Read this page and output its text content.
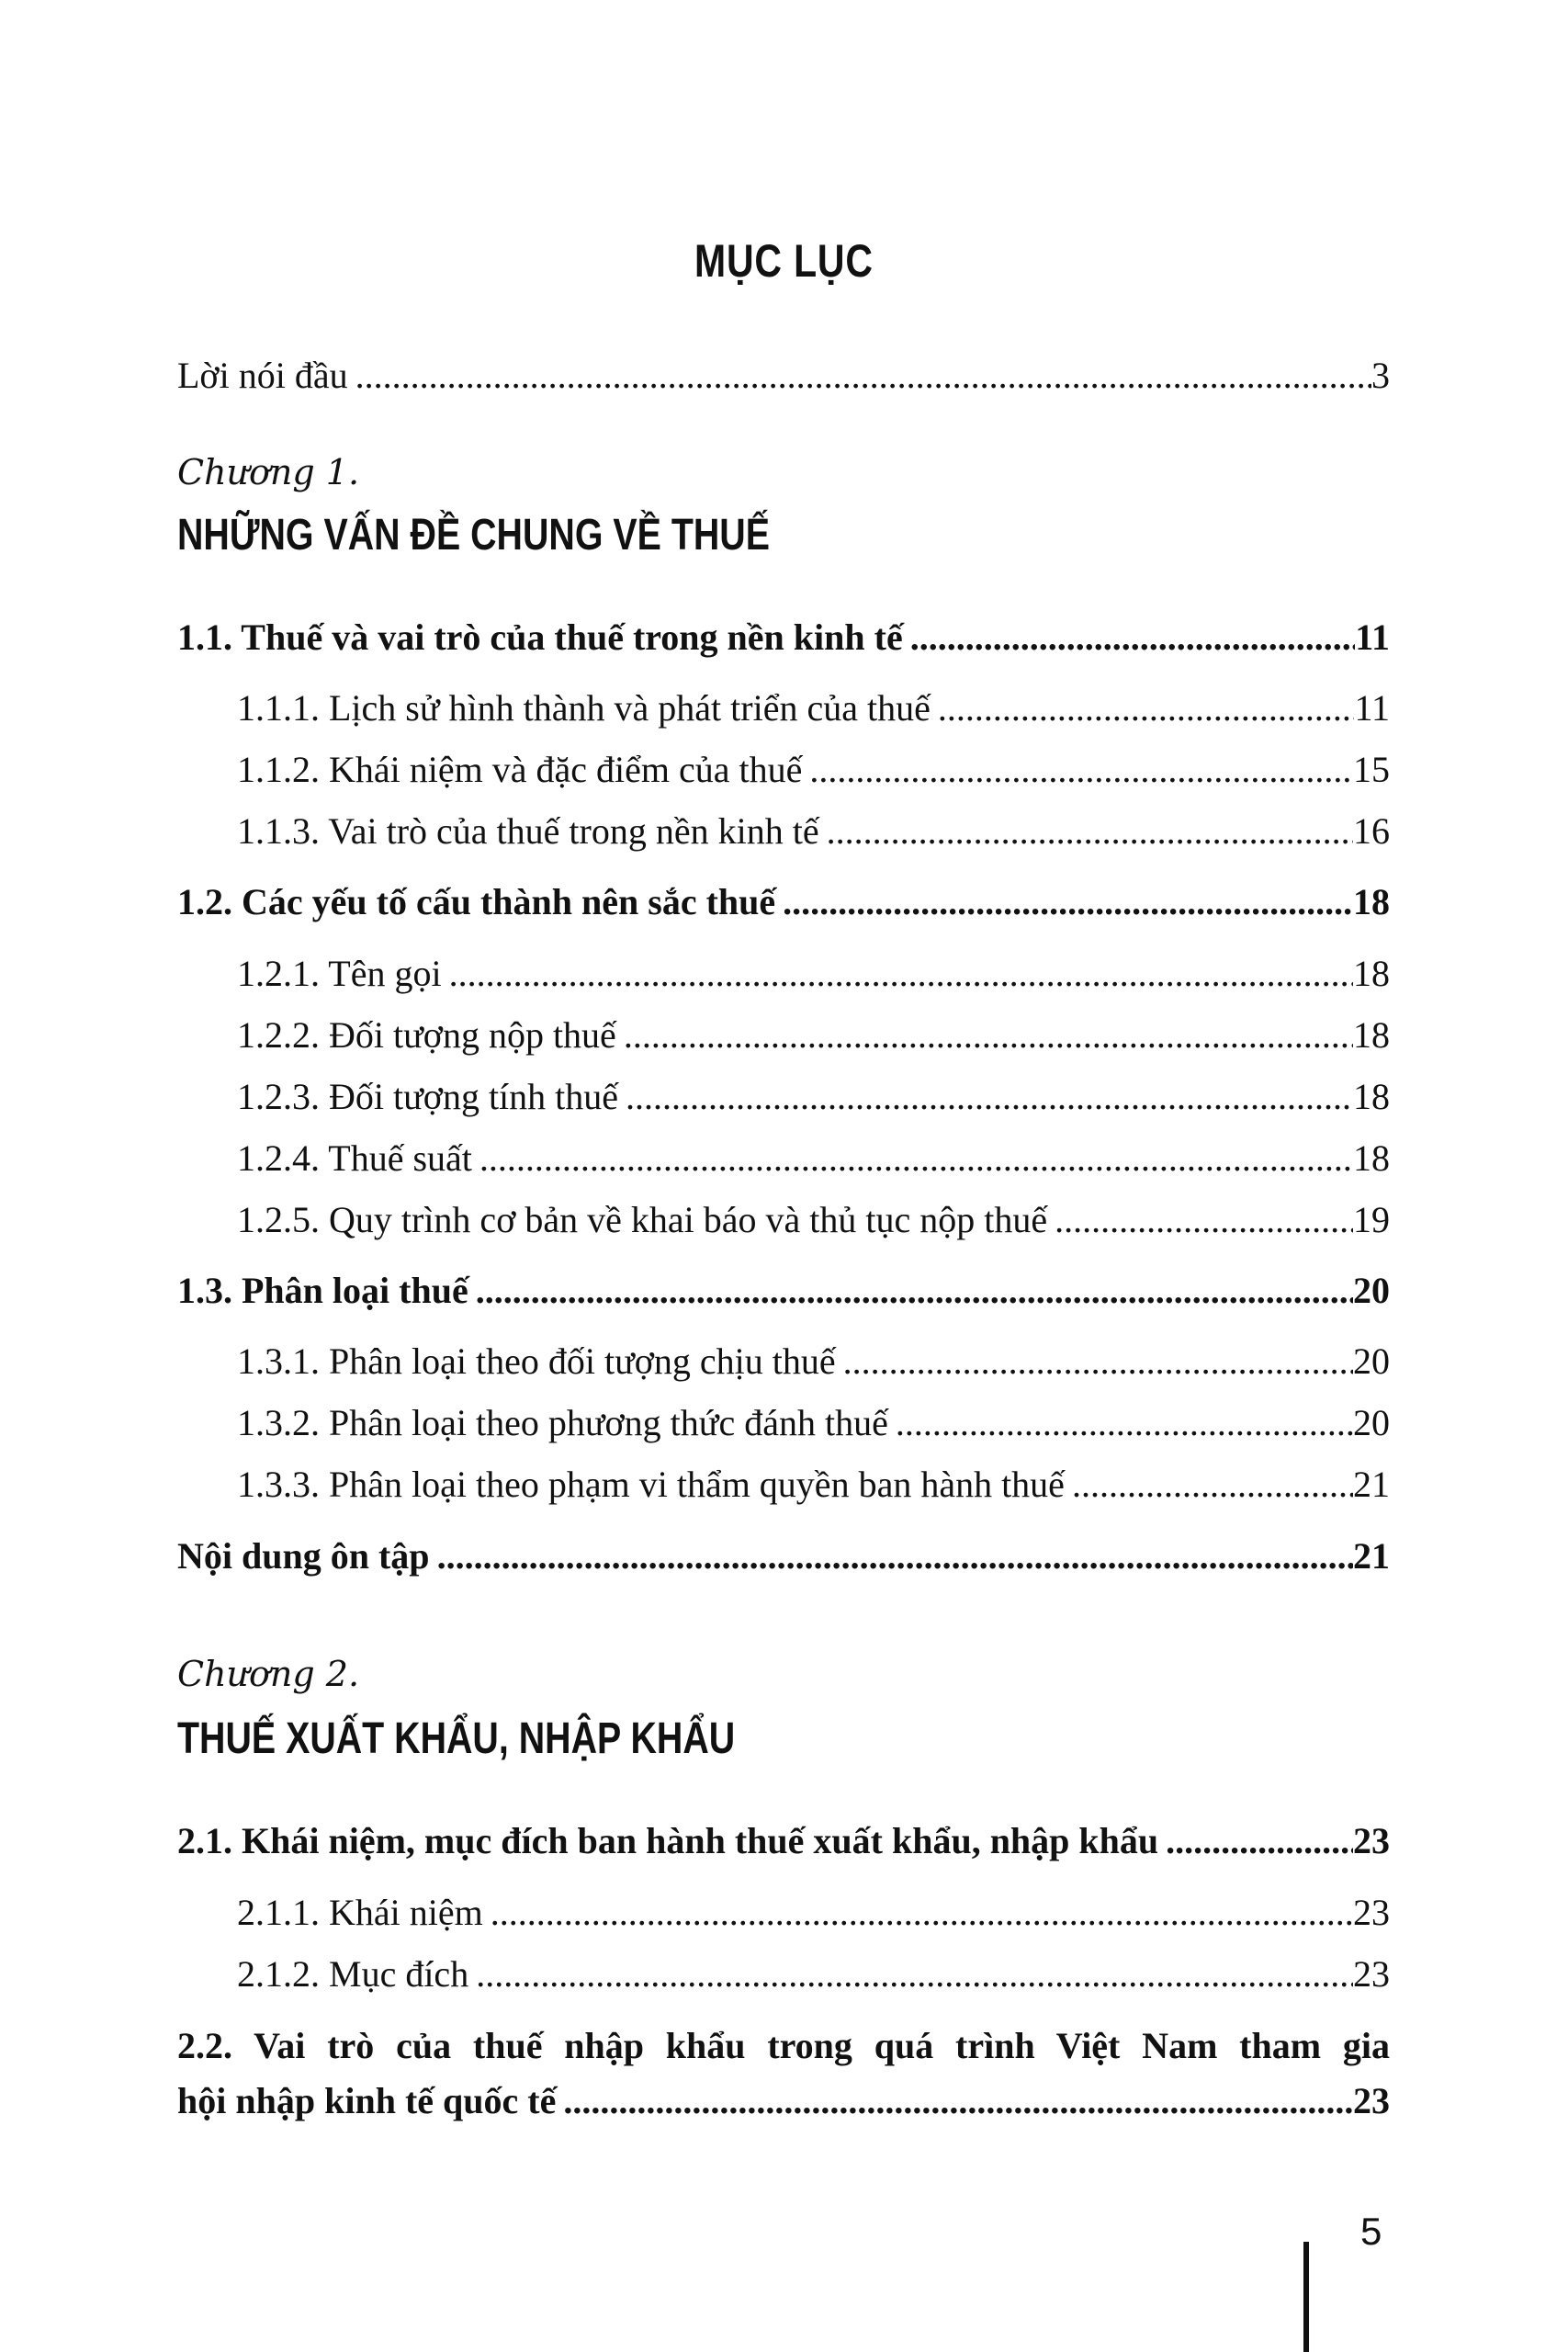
MỤC LỤC
Lời nói đầu .....	3
Chương 1.
NHỮNG VẤN ĐỀ CHUNG VỀ THUẾ
1.1. Thuế và vai trò của thuế trong nền kinh tế .....	11
1.1.1. Lịch sử hình thành và phát triển của thuế .....	11
1.1.2. Khái niệm và đặc điểm của thuế .....	15
1.1.3. Vai trò của thuế trong nền kinh tế .....	16
1.2. Các yếu tố cấu thành nên sắc thuế .....	18
1.2.1. Tên gọi .....	18
1.2.2. Đối tượng nộp thuế .....	18
1.2.3. Đối tượng tính thuế .....	18
1.2.4. Thuế suất .....	18
1.2.5. Quy trình cơ bản về khai báo và thủ tục nộp thuế .....	19
1.3. Phân loại thuế .....	20
1.3.1. Phân loại theo đối tượng chịu thuế .....	20
1.3.2. Phân loại theo phương thức đánh thuế .....	20
1.3.3. Phân loại theo phạm vi thẩm quyền ban hành thuế .....	21
Nội dung ôn tập .....	21
Chương 2.
THUẾ XUẤT KHẨU, NHẬP KHẨU
2.1. Khái niệm, mục đích ban hành thuế xuất khẩu, nhập khẩu .....	23
2.1.1. Khái niệm .....	23
2.1.2. Mục đích .....	23
2.2. Vai trò của thuế nhập khẩu trong quá trình Việt Nam tham gia
hội nhập kinh tế quốc tế .....	23
5
